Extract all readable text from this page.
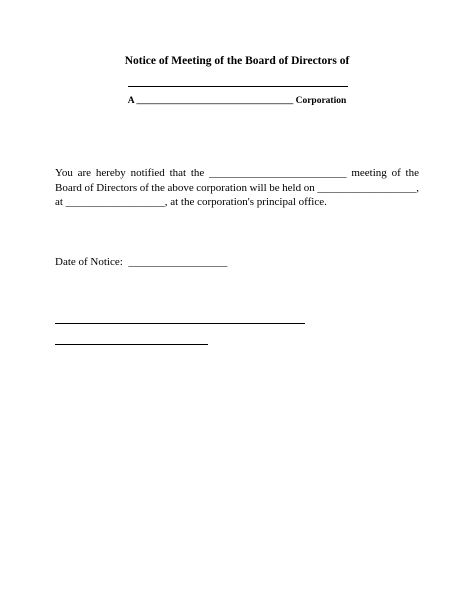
Notice of Meeting of the Board of Directors of
A _________________________________ Corporation
You are hereby notified that the _________________________ meeting of the
Board of Directors of the above corporation will be held on __________________,
at
__________________,
at the corporation's principal office.
Date of Notice: __________________
